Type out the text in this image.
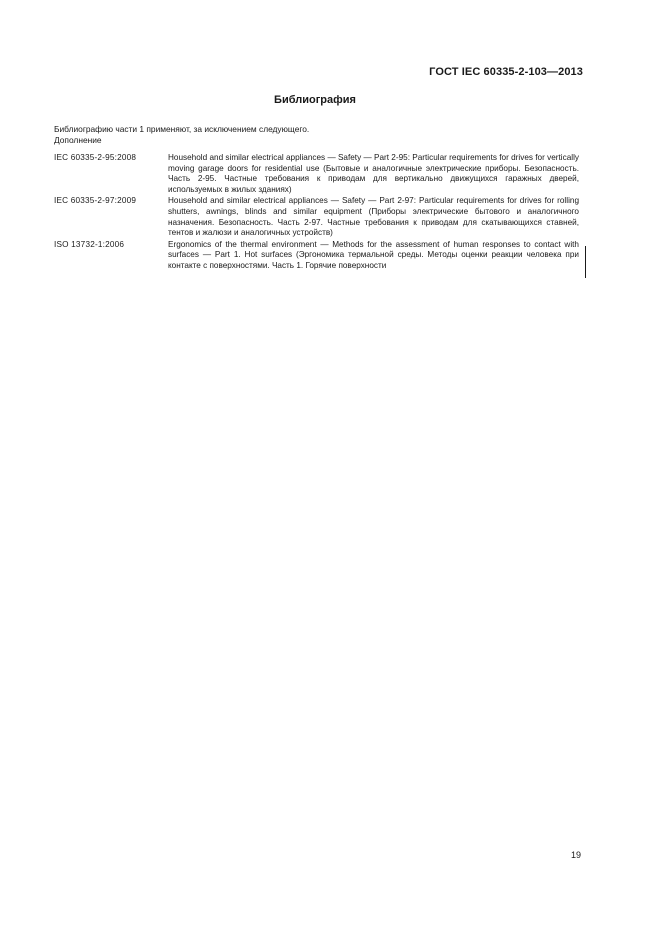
ГОСТ IEC 60335-2-103—2013
Библиография
Библиографию части 1 применяют, за исключением следующего.
Дополнение
IEC 60335-2-95:2008	Household and similar electrical appliances — Safety — Part 2-95: Particular requirements for drives for vertically moving garage doors for residential use (Бытовые и аналогичные электрические приборы. Безопасность. Часть 2-95. Частные требования к приводам для вертикально движущихся гаражных дверей, используемых в жилых зданиях)
IEC 60335-2-97:2009	Household and similar electrical appliances — Safety — Part 2-97: Particular requirements for drives for rolling shutters, awnings, blinds and similar equipment (Приборы электрические бытового и аналогичного назначения. Безопасность. Часть 2-97. Частные требования к приводам для скатывающихся ставней, тентов и жалюзи и аналогичных устройств)
ISO 13732-1:2006	Ergonomics of the thermal environment — Methods for the assessment of human responses to contact with surfaces — Part 1. Hot surfaces (Эргономика термальной среды. Методы оценки реакции человека при контакте с поверхностями. Часть 1. Горячие поверхности
19
